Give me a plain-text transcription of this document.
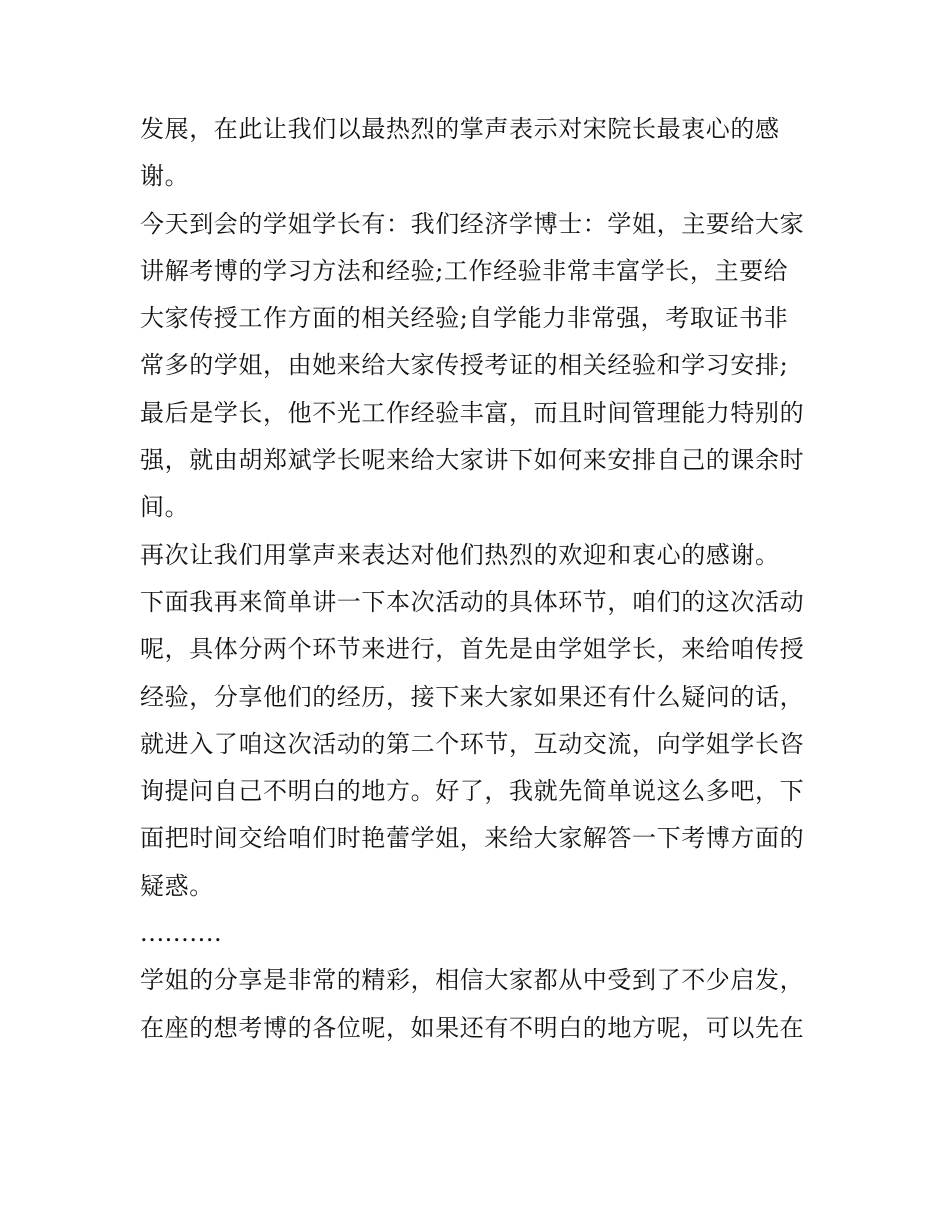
发展，在此让我们以最热烈的掌声表示对宋院长最衷心的感
谢。
今天到会的学姐学长有：我们经济学博士：学姐，主要给大家
讲解考博的学习方法和经验;工作经验非常丰富学长，主要给
大家传授工作方面的相关经验;自学能力非常强，考取证书非
常多的学姐，由她来给大家传授考证的相关经验和学习安排;
最后是学长，他不光工作经验丰富，而且时间管理能力特别的
强，就由胡郑斌学长呢来给大家讲下如何来安排自己的课余时
间。
再次让我们用掌声来表达对他们热烈的欢迎和衷心的感谢。
下面我再来简单讲一下本次活动的具体环节，咱们的这次活动
呢，具体分两个环节来进行，首先是由学姐学长，来给咱传授
经验，分享他们的经历，接下来大家如果还有什么疑问的话，
就进入了咱这次活动的第二个环节，互动交流，向学姐学长咨
询提问自己不明白的地方。好了，我就先简单说这么多吧，下
面把时间交给咱们时艳蕾学姐，来给大家解答一下考博方面的
疑惑。
..........
学姐的分享是非常的精彩，相信大家都从中受到了不少启发，
在座的想考博的各位呢，如果还有不明白的地方呢，可以先在
